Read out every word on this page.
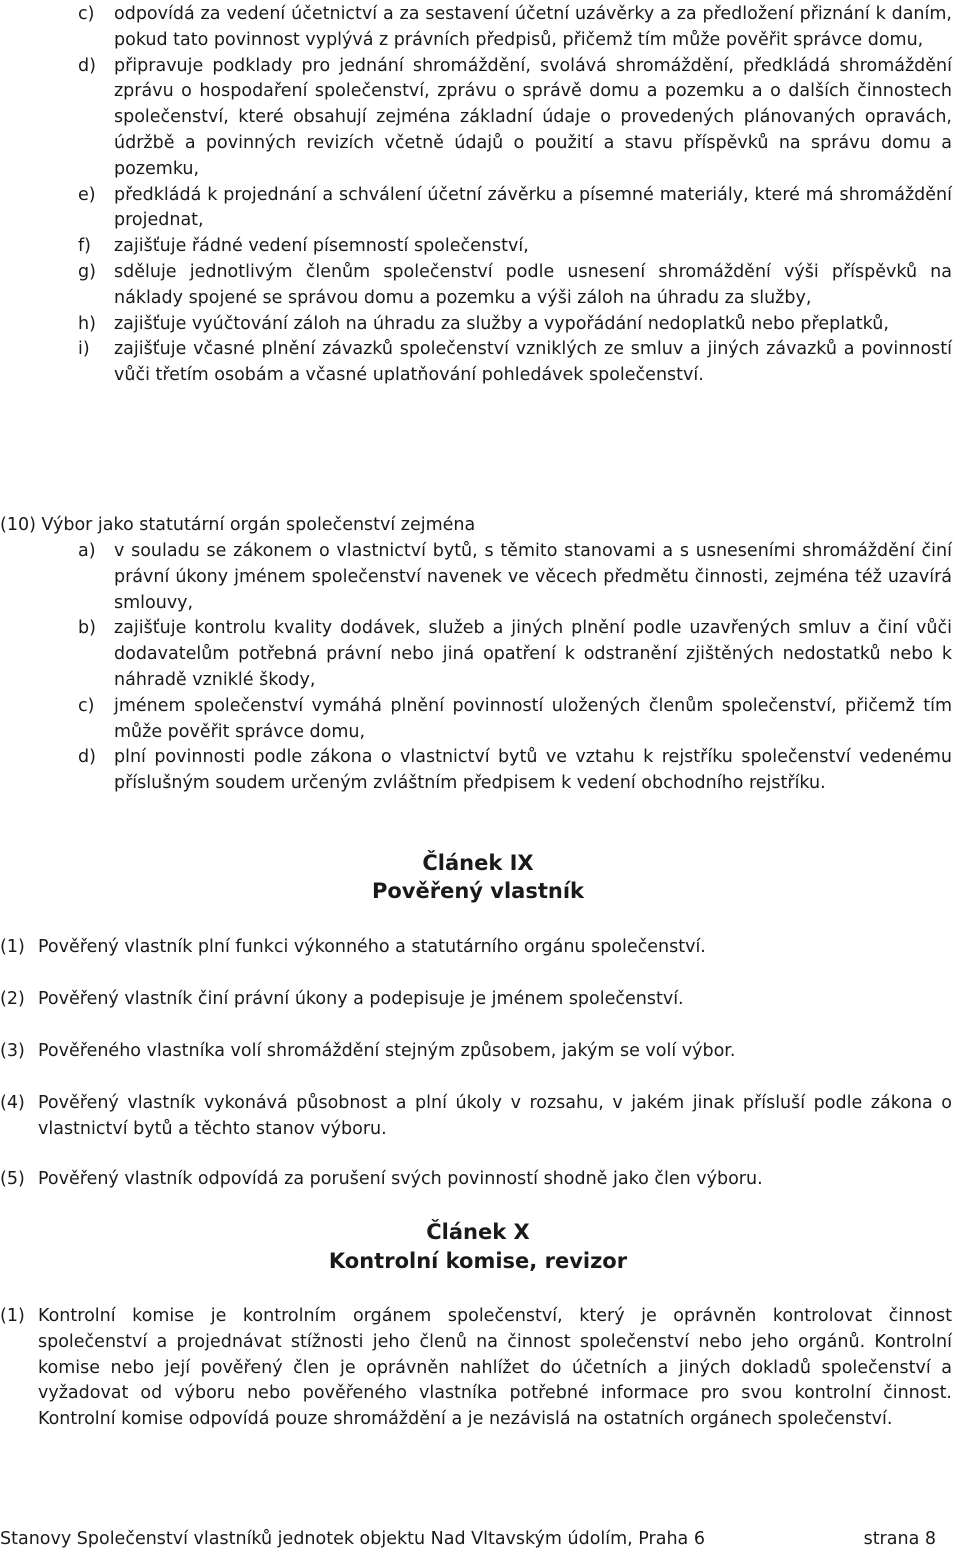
c) odpovídá za vedení účetnictví a za sestavení účetní uzávěrky a za předložení přiznání k daním, pokud tato povinnost vyplývá z právních předpisů, přičemž tím může pověřit správce domu,
d) připravuje podklady pro jednání shromáždění, svolává shromáždění, předkládá shromáždění zprávu o hospodaření společenství, zprávu o správě domu a pozemku a o dalších činnostech společenství, které obsahují zejména základní údaje o provedených plánovaných opravách, údržbě a povinných revizích včetně údajů o použití a stavu příspěvků na správu domu a pozemku,
e) předkládá k projednání a schválení účetní závěrku a písemné materiály, které má shromáždění projednat,
f) zajišťuje řádné vedení písemností společenství,
g) sděluje jednotlivým členům společenství podle usnesení shromáždění výši příspěvků na náklady spojené se správou domu a pozemku a výši záloh na úhradu za služby,
h) zajišťuje vyúčtování záloh na úhradu za služby a vypořádání nedoplatků nebo přeplatků,
i) zajišťuje včasné plnění závazků společenství vzniklých ze smluv a jiných závazků a povinností vůči třetím osobám a včasné uplatňování pohledávek společenství.
(10) Výbor jako statutární orgán společenství zejména
a) v souladu se zákonem o vlastnictví bytů, s těmito stanovami a s usneseními shromáždění činí právní úkony jménem společenství navenek ve věcech předmětu činnosti, zejména též uzavírá smlouvy,
b) zajišťuje kontrolu kvality dodávek, služeb a jiných plnění podle uzavřených smluv a činí vůči dodavatelům potřebná právní nebo jiná opatření k odstranění zjištěných nedostatků nebo k náhradě vzniklé škody,
c) jménem společenství vymáhá plnění povinností uložených členům společenství, přičemž tím může pověřit správce domu,
d) plní povinnosti podle zákona o vlastnictví bytů ve vztahu k rejstříku společenství vedenému příslušným soudem určeným zvláštním předpisem k vedení obchodního rejstříku.
Článek IX
Pověřený vlastník
(1) Pověřený vlastník plní funkci výkonného a statutárního orgánu společenství.
(2) Pověřený vlastník činí právní úkony a podepisuje je jménem společenství.
(3) Pověřeného vlastníka volí shromáždění stejným způsobem, jakým se volí výbor.
(4) Pověřený vlastník vykonává působnost a plní úkoly v rozsahu, v jakém jinak přísluší podle zákona o vlastnictví bytů a těchto stanov výboru.
(5) Pověřený vlastník odpovídá za porušení svých povinností shodně jako člen výboru.
Článek X
Kontrolní komise, revizor
(1) Kontrolní komise je kontrolním orgánem společenství, který je oprávněn kontrolovat činnost společenství a projednávat stížnosti jeho členů na činnost společenství nebo jeho orgánů. Kontrolní komise nebo její pověřený člen je oprávněn nahlížet do účetních a jiných dokladů společenství a vyžadovat od výboru nebo pověřeného vlastníka potřebné informace pro svou kontrolní činnost. Kontrolní komise odpovídá pouze shromáždění a je nezávislá na ostatních orgánech společenství.
Stanovy Společenství vlastníků jednotek objektu Nad Vltavským údolím, Praha 6	strana 8
